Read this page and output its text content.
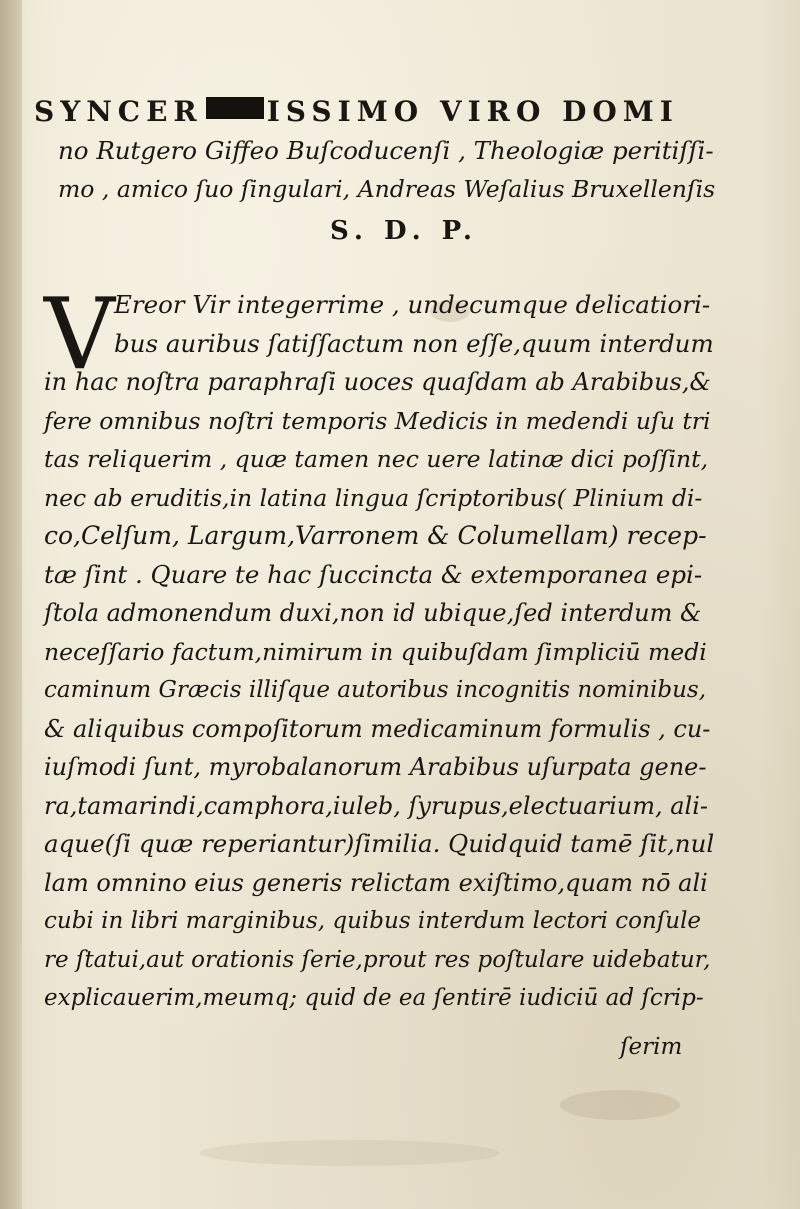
SYNCER ISSIMO VIRO DOMI
no Rutgero Giffeo Buſcoducenſi , Theologiæ peritiſſi-
mo , amico ſuo ſingulari, Andreas Weſalius Bruxellenſis
S. D. P.
V Ereor Vir integerrime , undecumque delicatiori-
bus auribus ſatiſſactum non eſſe,quum interdum
in hac noſtra paraphraſi uoces quaſdam ab Arabibus,&
fere omnibus noſtri temporis Medicis in medendi uſu tri
tas reliquerim , quæ tamen nec uere latinæ dici poſſint,
nec ab eruditis,in latina lingua ſcriptoribus( Plinium di-
co,Celſum, Largum,Varronem & Columellam) recep-
tæ ſint . Quare te hac ſuccincta & extemporanea epi-
ſtola admonendum duxi,non id ubique,ſed interdum &
neceſſario factum,nimirum in quibuſdam ſimpliciū medi
caminum Græcis illiſque autoribus incognitis nominibus,
& aliquibus compoſitorum medicaminum formulis , cu-
iuſmodi ſunt, myrobalanorum Arabibus uſurpata gene-
ra,tamarindi,camphora,iuleb, ſyrupus,electuarium, ali-
aque(ſi quæ reperiantur)ſimilia. Quidquid tamē ſit,nul
lam omnino eius generis relictam exiſtimo,quam nō ali
cubi in libri marginibus, quibus interdum lectori conſule
re ſtatui,aut orationis ſerie,prout res poſtulare uidebatur,
explicauerim,meumq; quid de ea ſentirē iudiciū ad ſcrip-
ſerim
